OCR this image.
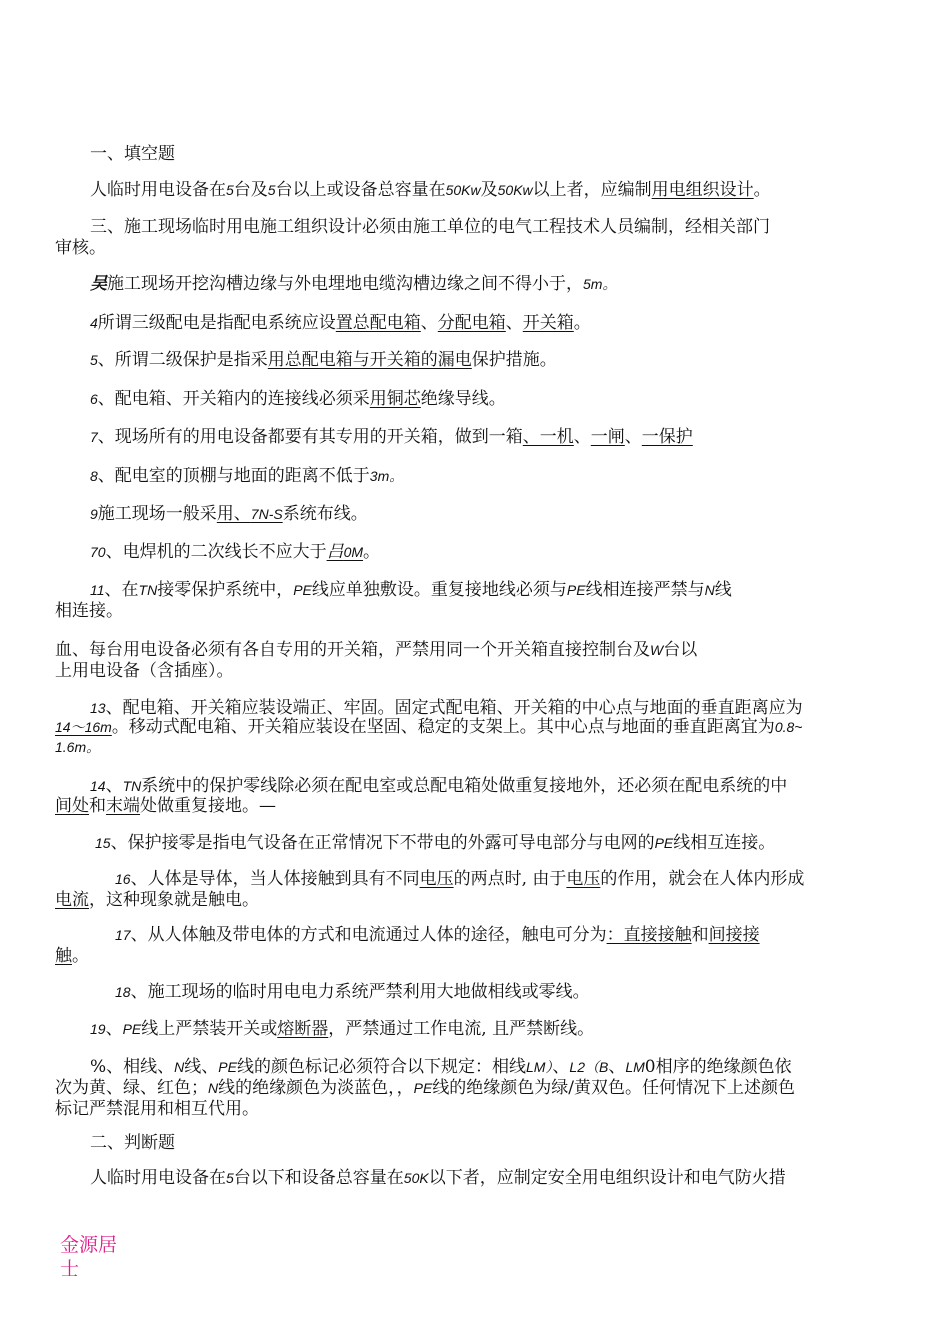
一、填空题
人临时用电设备在5台及5台以上或设备总容量在50Kw及50Kw以上者，应编制用电组织设计。
三、施工现场临时用电施工组织设计必须由施工单位的电气工程技术人员编制，经相关部门
审核。
吴施工现场开挖沟槽边缘与外电埋地电缆沟槽边缘之间不得小于，5m。
4所谓三级配电是指配电系统应设置总配电箱、分配电箱、开关箱。
5、所谓二级保护是指采用总配电箱与开关箱的漏电保护措施。
6、配电箱、开关箱内的连接线必须采用铜芯绝缘导线。
7、现场所有的用电设备都要有其专用的开关箱，做到一箱、一机、一闸、一保护
8、配电室的顶棚与地面的距离不低于3m。
9施工现场一般采用、7N-S系统布线。
70、电焊机的二次线长不应大于吕0M。
11、在TN接零保护系统中，PE线应单独敷设。重复接地线必须与PE线相连接严禁与N线
相连接。
血、每台用电设备必须有各自专用的开关箱，严禁用同一个开关箱直接控制台及W台以
上用电设备（含插座）。
13、配电箱、开关箱应装设端正、牢固。固定式配电箱、开关箱的中心点与地面的垂直距离应为
14〜16m。移动式配电箱、开关箱应装设在坚固、稳定的支架上。其中心点与地面的垂直距离宜为0.8~
1.6m。
14、TN系统中的保护零线除必须在配电室或总配电箱处做重复接地外，还必须在配电系统的中
间处和末端处做重复接地。—
15、保护接零是指电气设备在正常情况下不带电的外露可导电部分与电网的PE线相互连接。
16、人体是导体，当人体接触到具有不同电压的两点时, 由于电压的作用，就会在人体内形成
电流，这种现象就是触电。
17、从人体触及带电体的方式和电流通过人体的途径，触电可分为：直接接触和间接接
触。
18、施工现场的临时用电电力系统严禁利用大地做相线或零线。
19、PE线上严禁装开关或熔断器，严禁通过工作电流, 且严禁断线。
%、相线、N线、PE线的颜色标记必须符合以下规定：相线LM）、L2（B、LM0相序的绝缘颜色依
次为黄、绿、红色；N线的绝缘颜色为淡蓝色，，PE线的绝缘颜色为绿/黄双色。任何情况下上述颜色
标记严禁混用和相互代用。
二、判断题
人临时用电设备在5台以下和设备总容量在50K以下者，应制定安全用电组织设计和电气防火措
金源居
士
